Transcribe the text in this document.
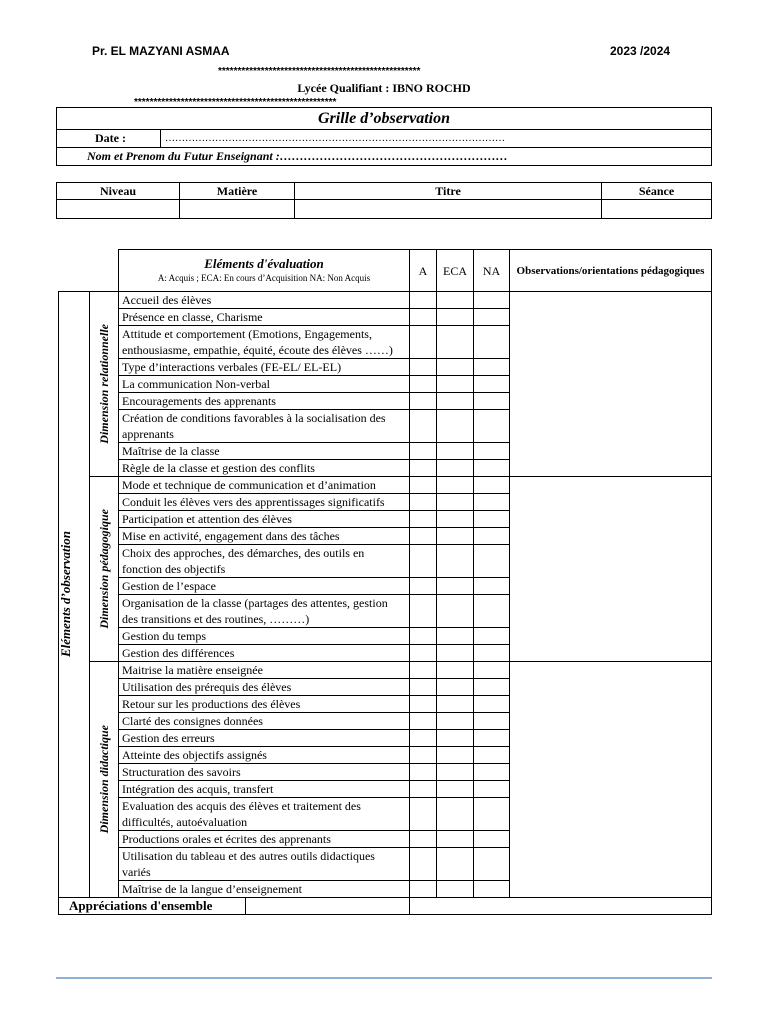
Pr. EL MAZYANI ASMAA	2023 /2024
****************************************************
Lycée Qualifiant : IBNO ROCHD
****************************************************
Grille d’observation
Date :	…………………………………………………………………………………………
Nom et Prenom du Futur Enseignant :…………………………………………………
Niveau	Matière	Titre	Séance

		Eléments d'évaluation
A: Acquis ; ECA: En cours d’Acquisition NA: Non Acquis	A	ECA	NA	Observations/orientations pédagogiques

Eléments d’observation	Dimension relationnelle	Accueil des élèves				
		Présence en classe, Charisme				
		Attitude et comportement (Emotions, Engagements, enthousiasme, empathie, équité, écoute des élèves ……)				
		Type d’interactions verbales (FE-EL/ EL-EL)				
		La communication Non-verbal				
		Encouragements des apprenants				
		Création de conditions favorables à la socialisation des apprenants				
		Maîtrise de la classe				
		Règle de la classe et gestion des conflits				

	Dimension pédagogique	Mode et technique de communication et d’animation				
		Conduit les élèves vers des apprentissages significatifs				
		Participation et attention des élèves				
		Mise en activité, engagement dans des tâches				
		Choix des approches, des démarches, des outils en fonction des objectifs				
		Gestion de l’espace				
		Organisation de la classe (partages des attentes, gestion des transitions et des routines, ………)				
		Gestion du temps				
		Gestion des différences				

	Dimension didactique	Maitrise la matière enseignée				
		Utilisation des prérequis des élèves				
		Retour sur les productions des élèves				
		Clarté des consignes données				
		Gestion des erreurs				
		Atteinte des objectifs assignés				
		Structuration des savoirs				
		Intégration des acquis, transfert				
		Evaluation des acquis des élèves et traitement des difficultés, autoévaluation				
		Productions orales et écrites des apprenants				
		Utilisation du tableau et des autres outils didactiques variés				
		Maîtrise de la langue d’enseignement				

Appréciations d'ensemble						
